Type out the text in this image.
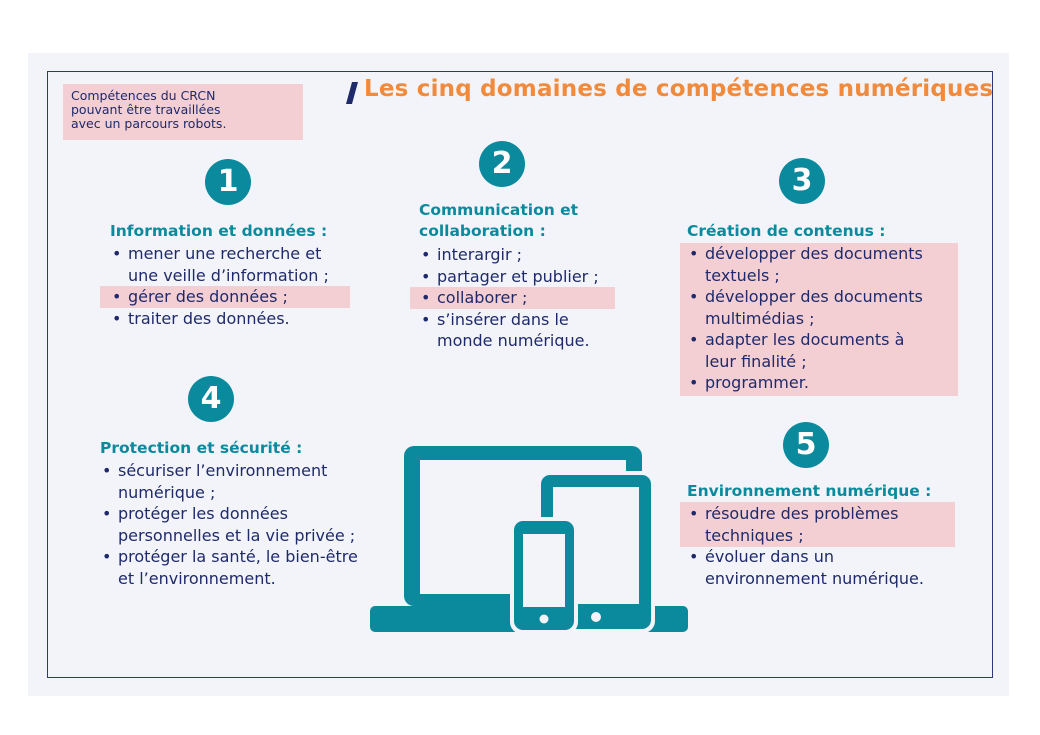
Compétences du CRCN
pouvant être travaillées
avec un parcours robots.
Les cinq domaines de compétences numériques
1
Information et données :
• mener une recherche et
une veille d’information ;
• gérer des données ;
• traiter des données.
2
Communication et
collaboration :
• interargir ;
• partager et publier ;
• collaborer ;
• s’insérer dans le
monde numérique.
3
Création de contenus :
• développer des documents
textuels ;
• développer des documents
multimédias ;
• adapter les documents à
leur finalité ;
• programmer.
4
Protection et sécurité :
• sécuriser l’environnement
numérique ;
• protéger les données
personnelles et la vie privée ;
• protéger la santé, le bien-être
et l’environnement.
5
Environnement numérique :
• résoudre des problèmes
techniques ;
• évoluer dans un
environnement numérique.
